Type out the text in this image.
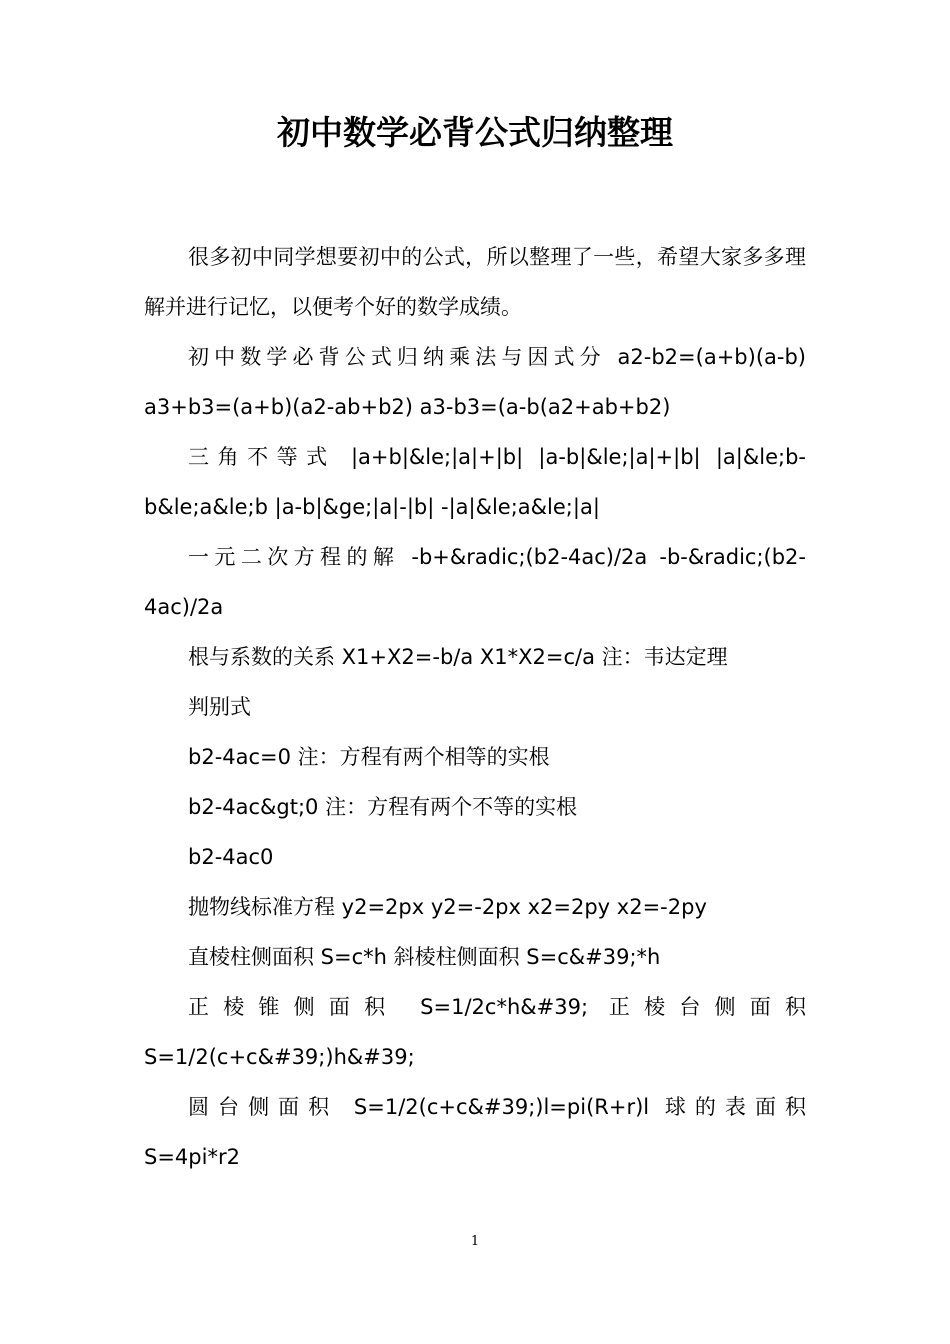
初中数学必背公式归纳整理

很多初中同学想要初中的公式，所以整理了一些，希望大家多多理解并进行记忆，以便考个好的数学成绩。

初中数学必背公式归纳乘法与因式分 a2-b2=(a+b)(a-b) a3+b3=(a+b)(a2-ab+b2) a3-b3=(a-b(a2+ab+b2)

三角不等式 |a+b|&le;|a|+|b| |a-b|&le;|a|+|b| |a|&le;b-b&le;a&le;b |a-b|&ge;|a|-|b| -|a|&le;a&le;|a|

一元二次方程的解 -b+&radic;(b2-4ac)/2a -b-&radic;(b2-4ac)/2a

根与系数的关系 X1+X2=-b/a X1*X2=c/a 注：韦达定理

判别式

b2-4ac=0 注：方程有两个相等的实根

b2-4ac&gt;0 注：方程有两个不等的实根

b2-4ac0

抛物线标准方程 y2=2px y2=-2px x2=2py x2=-2py

直棱柱侧面积 S=c*h 斜棱柱侧面积 S=c&#39;*h

正棱锥侧面积 S=1/2c*h&#39; 正棱台侧面积 S=1/2(c+c&#39;)h&#39;

圆台侧面积 S=1/2(c+c&#39;)l=pi(R+r)l 球的表面积 S=4pi*r2

1
